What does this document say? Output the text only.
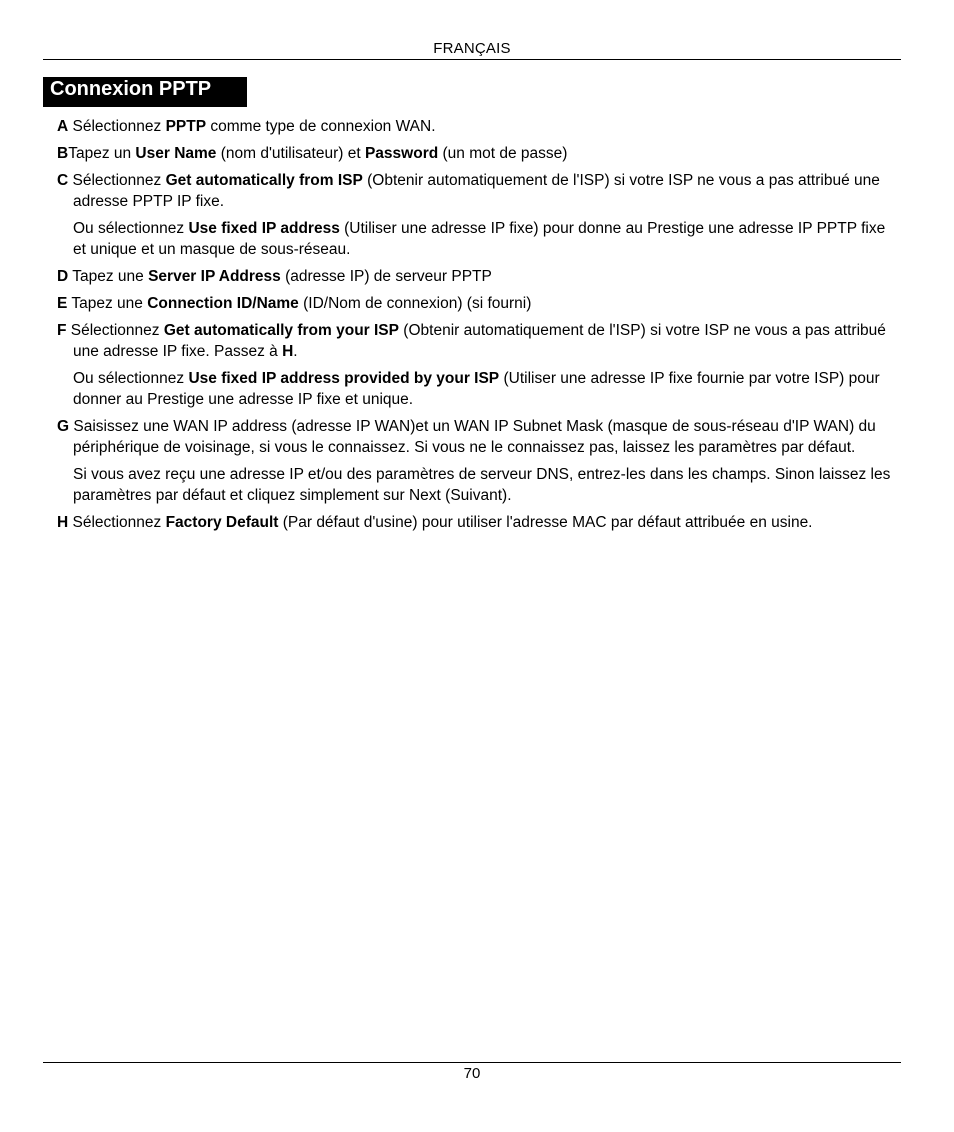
FRANÇAIS
Connexion PPTP

A Sélectionnez PPTP comme type de connexion WAN.

BTapez un User Name (nom d'utilisateur) et Password (un mot de passe)

C Sélectionnez Get automatically from ISP (Obtenir automatiquement de l'ISP) si votre ISP ne vous a pas attribué une adresse PPTP IP fixe.

Ou sélectionnez Use fixed IP address (Utiliser une adresse IP fixe) pour donne au Prestige une adresse IP PPTP fixe et unique et un masque de sous-réseau.

D Tapez une Server IP Address (adresse IP) de serveur PPTP

E Tapez une Connection ID/Name (ID/Nom de connexion) (si fourni)

F Sélectionnez Get automatically from your ISP (Obtenir automatiquement de l'ISP) si votre ISP ne vous a pas attribué une adresse IP fixe. Passez à H.

Ou sélectionnez Use fixed IP address provided by your ISP (Utiliser une adresse IP fixe fournie par votre ISP) pour donner au Prestige une adresse IP fixe et unique.

G Saisissez une WAN IP address (adresse IP WAN)et un WAN IP Subnet Mask (masque de sous-réseau d'IP WAN) du périphérique de voisinage, si vous le connaissez. Si vous ne le connaissez pas, laissez les paramètres par défaut.

Si vous avez reçu une adresse IP et/ou des paramètres de serveur DNS, entrez-les dans les champs. Sinon laissez les paramètres par défaut et cliquez simplement sur Next (Suivant).

H Sélectionnez Factory Default (Par défaut d'usine) pour utiliser l'adresse MAC par défaut attribuée en usine.

70
